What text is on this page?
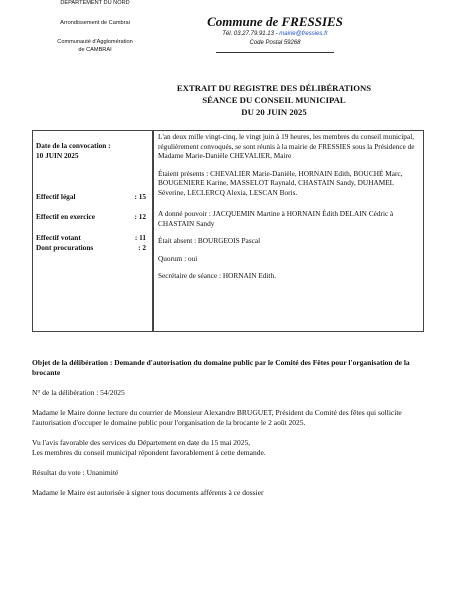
DEPARTEMENT DU NORD
Arrondissement de Cambrai
Communauté d'Agglomération de CAMBRAI
Commune de FRESSIES
Tél. 03.27.79.91.13 - mairie@fressies.fr
Code Postal 59268
EXTRAIT DU REGISTRE DES DÉLIBÉRATIONS
SÉANCE DU CONSEIL MUNICIPAL
DU 20 JUIN 2025
Date de la convocation :
10 JUIN 2025
Effectif légal	: 15
Effectif en exercice	: 12
Effectif votant	: 11
Dont procurations	: 2

L'an deux mille vingt-cinq, le vingt juin à 19 heures, les membres du conseil municipal, régulièrement convoqués, se sont réunis à la mairie de FRESSIES sous la Présidence de Madame Marie-Danièle CHEVALIER, Maire

Étaient présents : CHEVALIER Marie-Danièle, HORNAIN Edith, BOUCHÉ Marc, BOUGENIERE Karine, MASSELOT Raynald, CHASTAIN Sandy, DUHAMEL Séverine, LECLERCQ Alexia, LESCAN Boris.

A donné pouvoir : JACQUEMIN Martine à HORNAIN Édith DELAIN Cédric à CHASTAIN Sandy

Était absent : BOURGEOIS Pascal

Quorum : oui

Secrétaire de séance : HORNAIN Edith.

Objet de la délibération : Demande d'autorisation du domaine public par le Comité des Fêtes pour l'organisation de la brocante

N° de la délibération : 54/2025

Madame le Maire donne lecture du courrier de Monsieur Alexandre BRUGUET, Président du Comité des fêtes qui sollicite l'autorisation d'occuper le domaine public pour l'organisation de la brocante le 2 août 2025.

Vu l'avis favorable des services du Département en date du 15 mai 2025,

Les membres du conseil municipal répondent favorablement à cette demande.

Résultat du vote : Unanimité

Madame le Maire est autorisée à signer tous documents afférents à ce dossier
